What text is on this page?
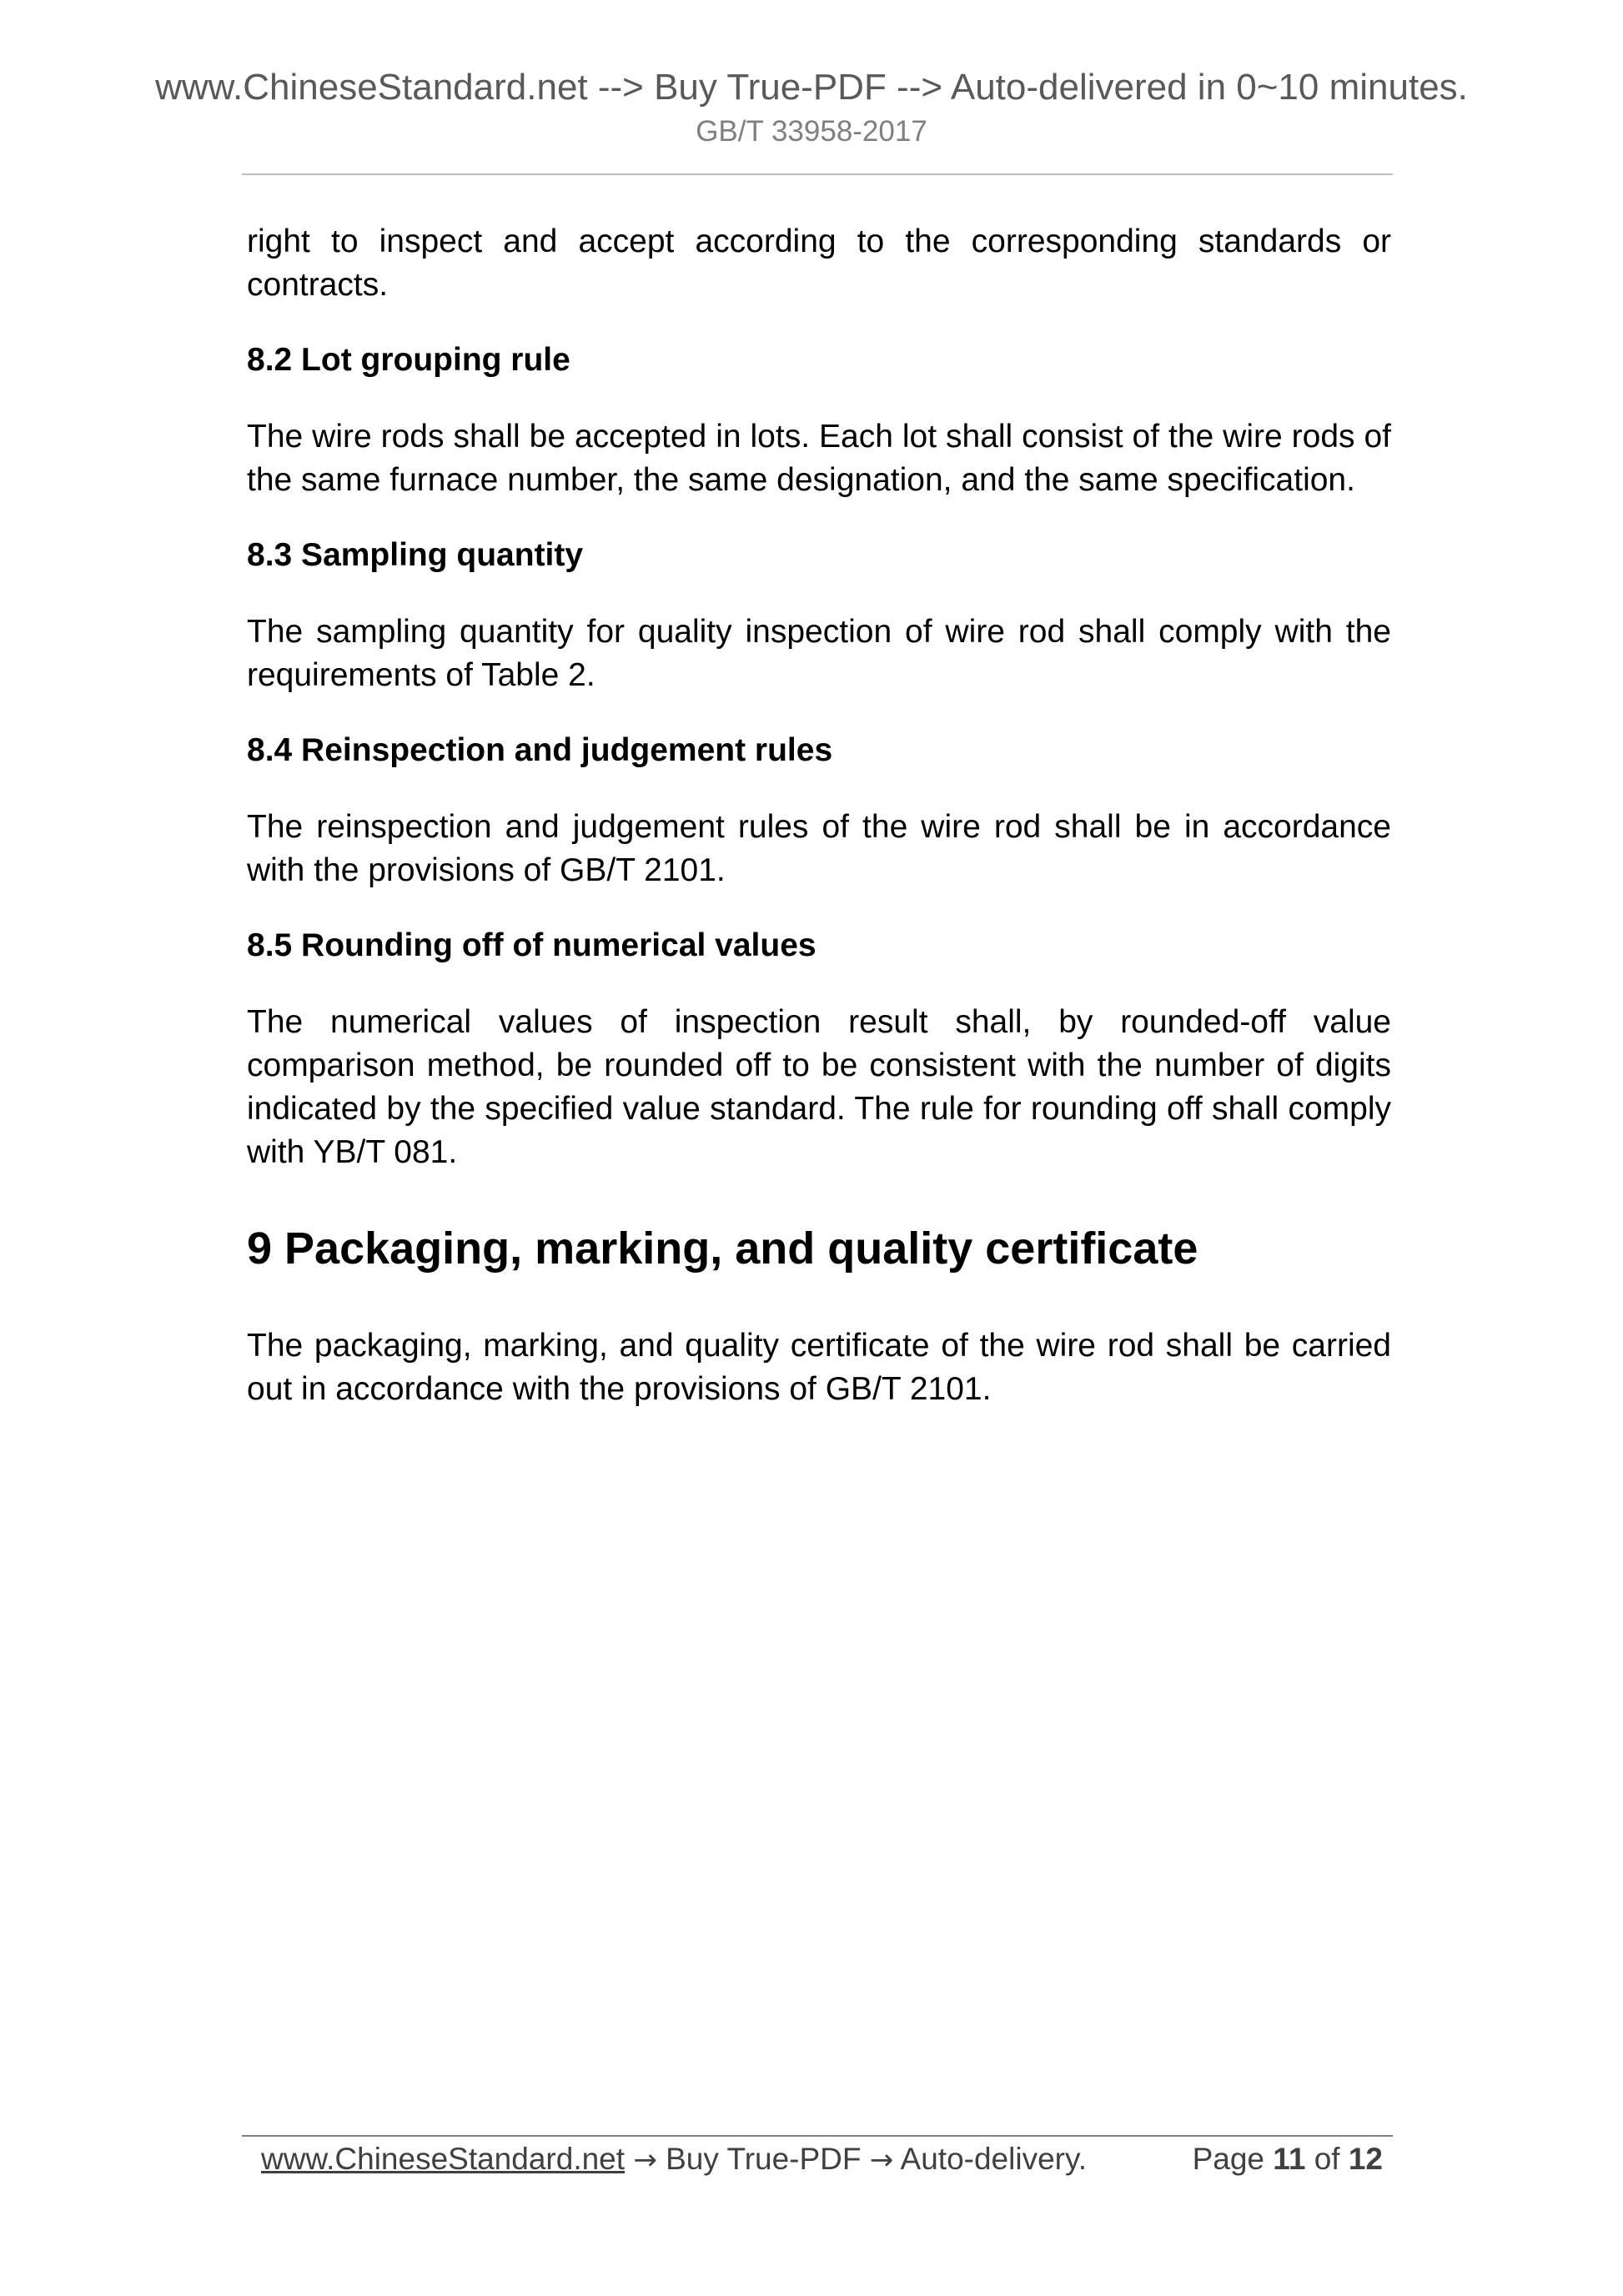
www.ChineseStandard.net --> Buy True-PDF --> Auto-delivered in 0~10 minutes.

GB/T 33958-2017

right to inspect and accept according to the corresponding standards or contracts.

8.2 Lot grouping rule

The wire rods shall be accepted in lots. Each lot shall consist of the wire rods of the same furnace number, the same designation, and the same specification.

8.3 Sampling quantity

The sampling quantity for quality inspection of wire rod shall comply with the requirements of Table 2.

8.4 Reinspection and judgement rules

The reinspection and judgement rules of the wire rod shall be in accordance with the provisions of GB/T 2101.

8.5 Rounding off of numerical values

The numerical values of inspection result shall, by rounded-off value comparison method, be rounded off to be consistent with the number of digits indicated by the specified value standard. The rule for rounding off shall comply with YB/T 081.

9 Packaging, marking, and quality certificate

The packaging, marking, and quality certificate of the wire rod shall be carried out in accordance with the provisions of GB/T 2101.

www.ChineseStandard.net → Buy True-PDF → Auto-delivery.	Page 11 of 12
